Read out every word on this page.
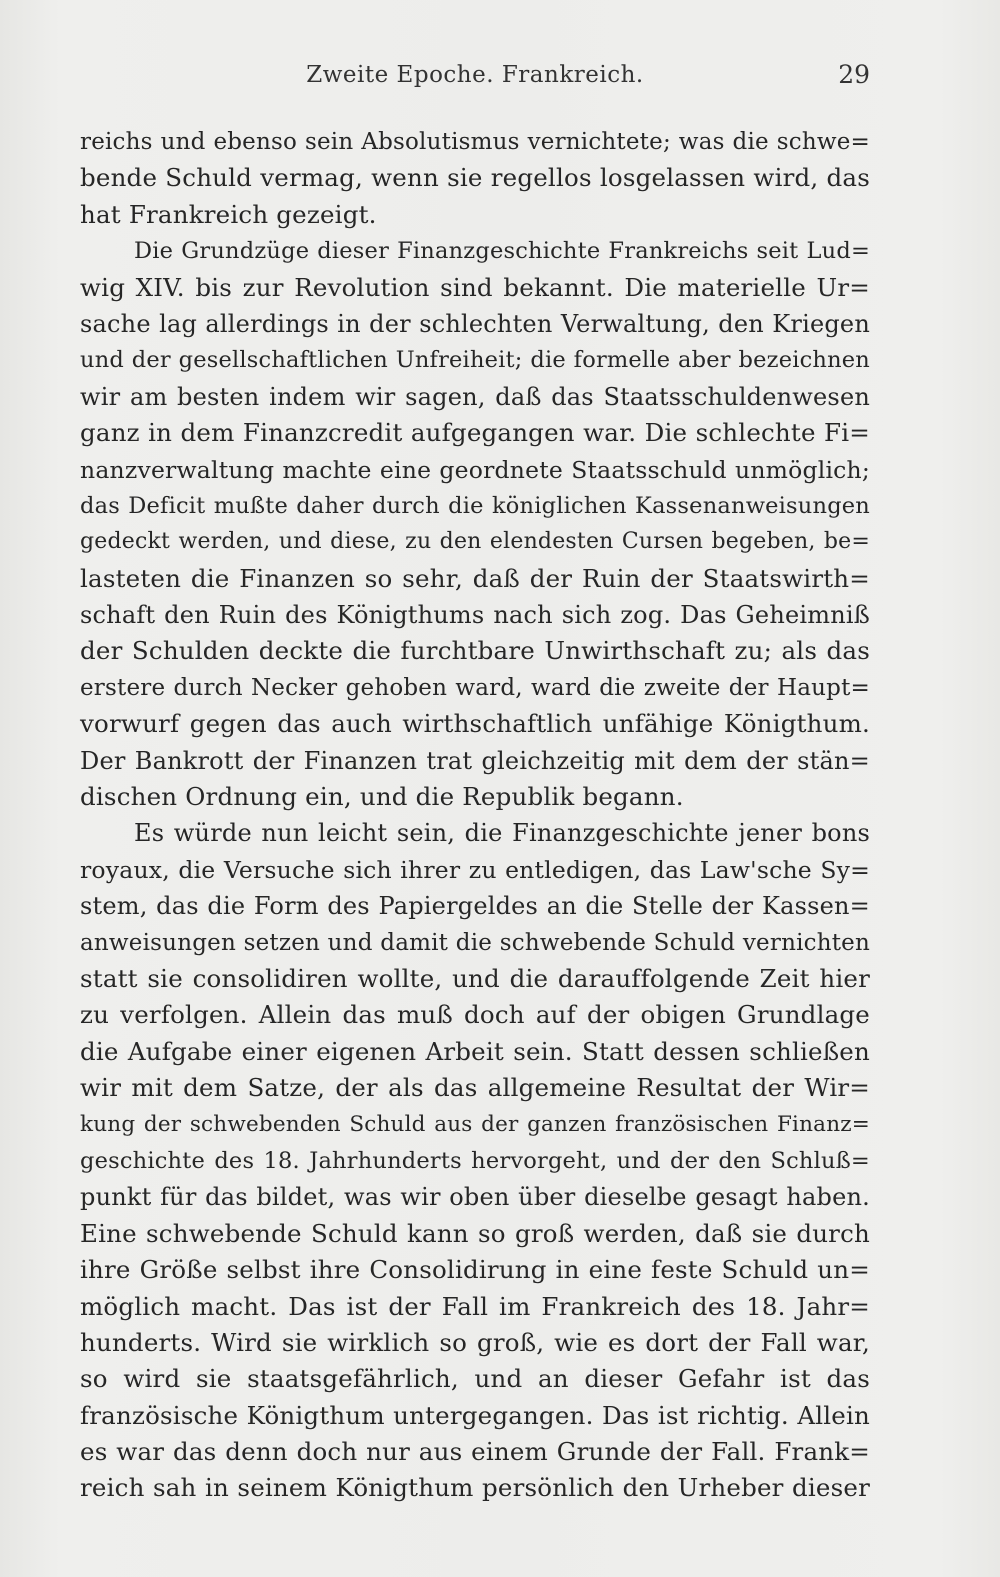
Zweite Epoche. Frankreich.	29
reichs und ebenso sein Absolutismus vernichtete; was die schwe=
bende Schuld vermag, wenn sie regellos losgelassen wird, das
hat Frankreich gezeigt.
Die Grundzüge dieser Finanzgeschichte Frankreichs seit Lud=
wig XIV. bis zur Revolution sind bekannt. Die materielle Ur=
sache lag allerdings in der schlechten Verwaltung, den Kriegen
und der gesellschaftlichen Unfreiheit; die formelle aber bezeichnen
wir am besten indem wir sagen, daß das Staatsschuldenwesen
ganz in dem Finanzcredit aufgegangen war. Die schlechte Fi=
nanzverwaltung machte eine geordnete Staatsschuld unmöglich;
das Deficit mußte daher durch die königlichen Kassenanweisungen
gedeckt werden, und diese, zu den elendesten Cursen begeben, be=
lasteten die Finanzen so sehr, daß der Ruin der Staatswirth=
schaft den Ruin des Königthums nach sich zog. Das Geheimniß
der Schulden deckte die furchtbare Unwirthschaft zu; als das
erstere durch Necker gehoben ward, ward die zweite der Haupt=
vorwurf gegen das auch wirthschaftlich unfähige Königthum.
Der Bankrott der Finanzen trat gleichzeitig mit dem der stän=
dischen Ordnung ein, und die Republik begann.
Es würde nun leicht sein, die Finanzgeschichte jener bons
royaux, die Versuche sich ihrer zu entledigen, das Law'sche Sy=
stem, das die Form des Papiergeldes an die Stelle der Kassen=
anweisungen setzen und damit die schwebende Schuld vernichten
statt sie consolidiren wollte, und die darauffolgende Zeit hier
zu verfolgen. Allein das muß doch auf der obigen Grundlage
die Aufgabe einer eigenen Arbeit sein. Statt dessen schließen
wir mit dem Satze, der als das allgemeine Resultat der Wir=
kung der schwebenden Schuld aus der ganzen französischen Finanz=
geschichte des 18. Jahrhunderts hervorgeht, und der den Schluß=
punkt für das bildet, was wir oben über dieselbe gesagt haben.
Eine schwebende Schuld kann so groß werden, daß sie durch
ihre Größe selbst ihre Consolidirung in eine feste Schuld un=
möglich macht. Das ist der Fall im Frankreich des 18. Jahr=
hunderts. Wird sie wirklich so groß, wie es dort der Fall war,
so wird sie staatsgefährlich, und an dieser Gefahr ist das
französische Königthum untergegangen. Das ist richtig. Allein
es war das denn doch nur aus einem Grunde der Fall. Frank=
reich sah in seinem Königthum persönlich den Urheber dieser
